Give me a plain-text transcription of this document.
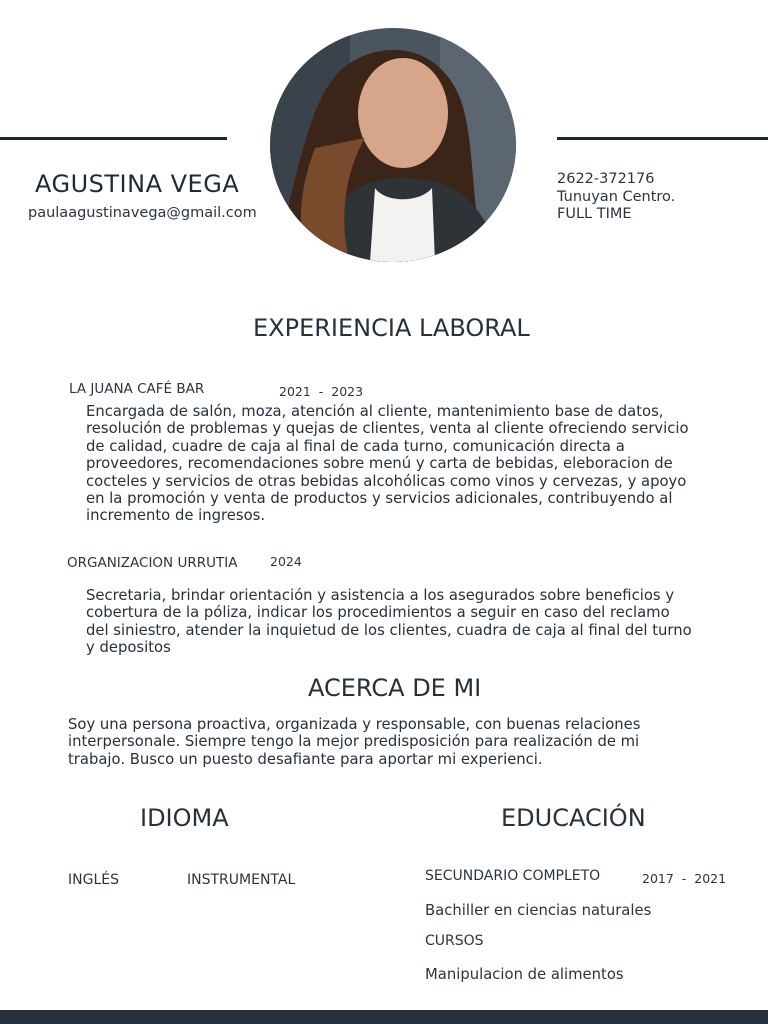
AGUSTINA VEGA
paulaagustinavega@gmail.com
2622-372176
Tunuyan Centro.
FULL TIME
EXPERIENCIA LABORAL
LA JUANA CAFÉ BAR	2021 - 2023
Encargada de salón, moza, atención al cliente, mantenimiento base de datos,
resolución de problemas y quejas de clientes, venta al cliente ofreciendo servicio
de calidad, cuadre de caja al final de cada turno, comunicación directa a
proveedores, recomendaciones sobre menú y carta de bebidas, eleboracion de
cocteles y servicios de otras bebidas alcohólicas como vinos y cervezas, y apoyo
en la promoción y venta de productos y servicios adicionales, contribuyendo al
incremento de ingresos.
ORGANIZACION URRUTIA	2024
Secretaria, brindar orientación y asistencia a los asegurados sobre beneficios y
cobertura de la póliza, indicar los procedimientos a seguir en caso del reclamo
del siniestro, atender la inquietud de los clientes, cuadra de caja al final del turno
y depositos
ACERCA DE MI
Soy una persona proactiva, organizada y responsable, con buenas relaciones
interpersonale. Siempre tengo la mejor predisposición para realización de mi
trabajo. Busco un puesto desafiante para aportar mi experienci.
IDIOMA
INGLÉS	INSTRUMENTAL
EDUCACIÓN
SECUNDARIO COMPLETO	2017 - 2021
Bachiller en ciencias naturales
CURSOS
Manipulacion de alimentos
